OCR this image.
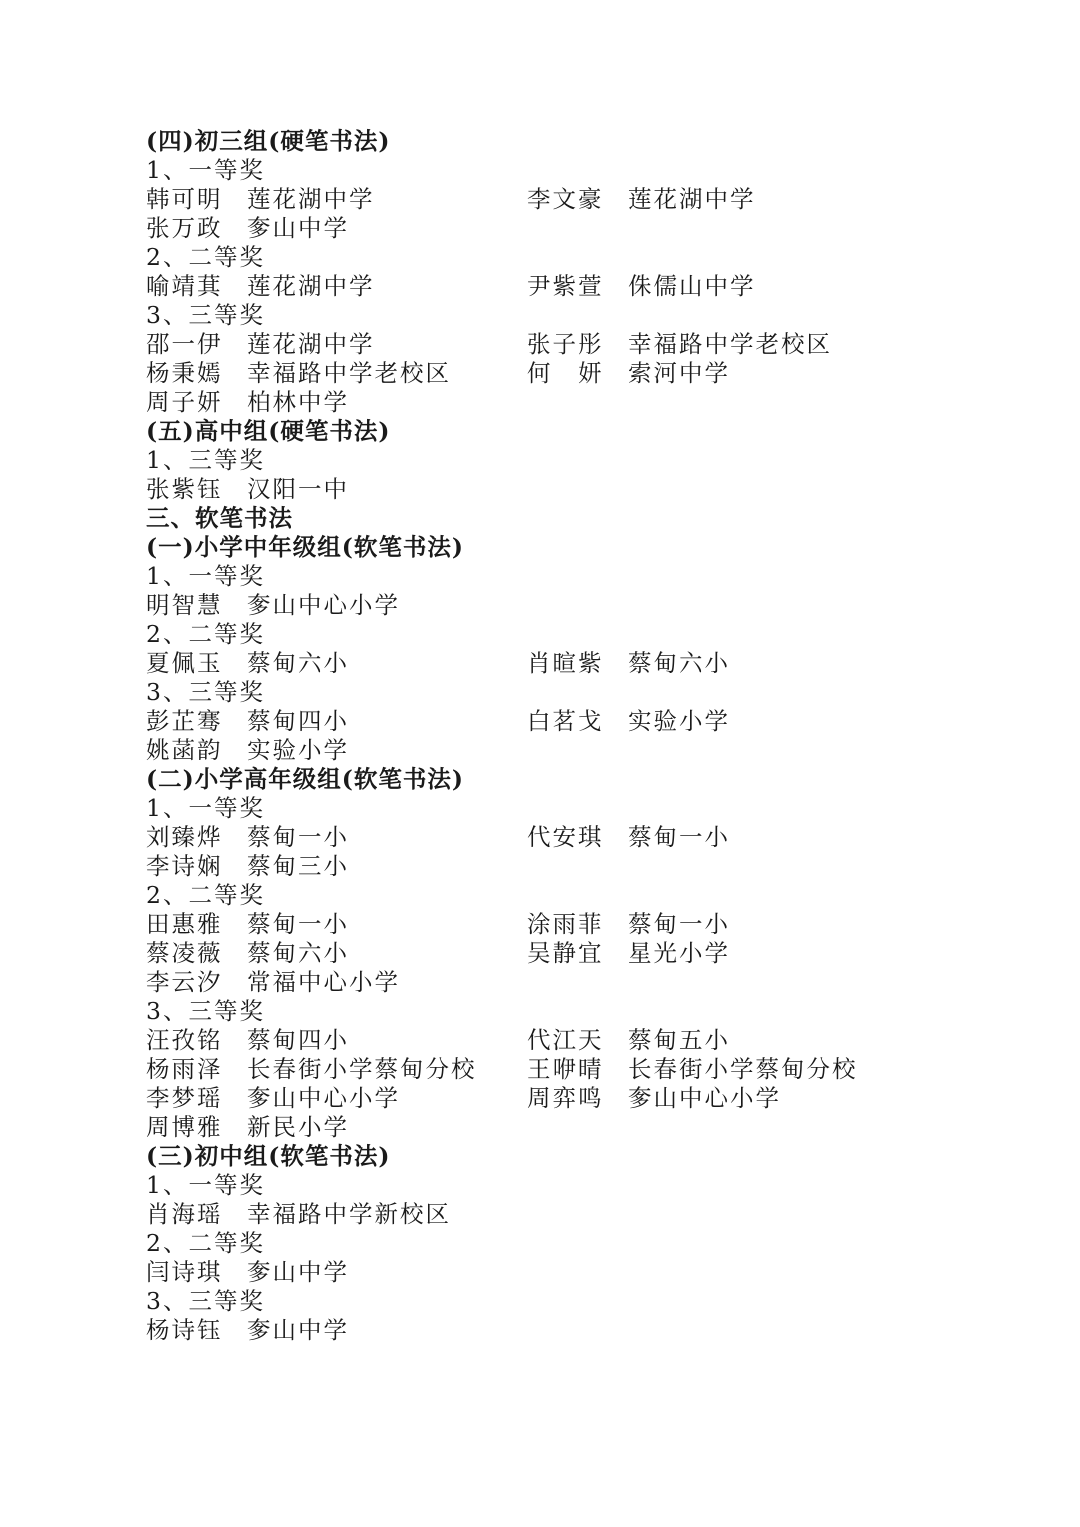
(四)初三组(硬笔书法)
1、一等奖
韩可明 莲花湖中学	李文豪 莲花湖中学
张万政 奓山中学
2、二等奖
喻靖萁 莲花湖中学	尹紫萱 侏儒山中学
3、三等奖
邵一伊 莲花湖中学	张子彤 幸福路中学老校区
杨秉嫣 幸福路中学老校区	何　妍 索河中学
周子妍 柏林中学
(五)高中组(硬笔书法)
1、三等奖
张紫钰 汉阳一中
三、软笔书法
(一)小学中年级组(软笔书法)
1、一等奖
明智慧 奓山中心小学
2、二等奖
夏佩玉 蔡甸六小	肖暄紫 蔡甸六小
3、三等奖
彭芷骞 蔡甸四小	白茗戈 实验小学
姚菡韵 实验小学
(二)小学高年级组(软笔书法)
1、一等奖
刘臻烨 蔡甸一小	代安琪 蔡甸一小
李诗娴 蔡甸三小
2、二等奖
田惠雅 蔡甸一小	涂雨菲 蔡甸一小
蔡凌薇 蔡甸六小	吴静宜 星光小学
李云汐 常福中心小学
3、三等奖
汪孜铭 蔡甸四小	代江天 蔡甸五小
杨雨泽 长春街小学蔡甸分校 王咿晴 长春街小学蔡甸分校
李梦瑶 奓山中心小学	周弈鸣 奓山中心小学
周博雅 新民小学
(三)初中组(软笔书法)
1、一等奖
肖海瑶 幸福路中学新校区
2、二等奖
闫诗琪 奓山中学
3、三等奖
杨诗钰 奓山中学
